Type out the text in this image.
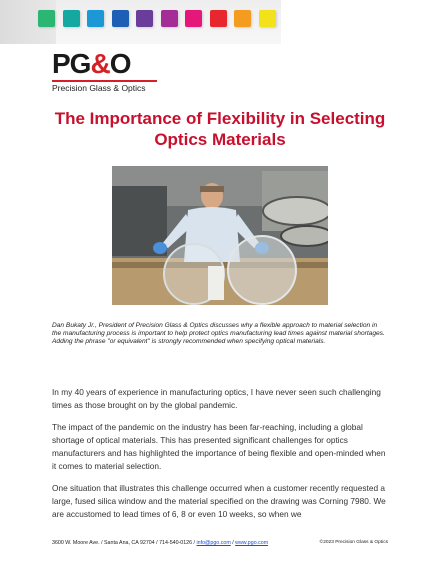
PG&O
Precision Glass & Optics
The Importance of Flexibility in Selecting Optics Materials
Dan Bukaty Jr., President of Precision Glass & Optics discusses why a flexible approach to material selection in the manufacturing process is important to help protect optics manufacturing lead times against material shortages. Adding the phrase "or equivalent" is strongly recommended when specifying optical materials.

In my 40 years of experience in manufacturing optics, I have never seen such challenging times as those brought on by the global pandemic.

The impact of the pandemic on the industry has been far-reaching, including a global shortage of optical materials. This has presented significant challenges for optics manufacturers and has highlighted the importance of being flexible and open-minded when it comes to material selection.

One situation that illustrates this challenge occurred when a customer recently requested a large, fused silica window and the material specified on the drawing was Corning 7980. We are accustomed to lead times of 6, 8 or even 10 weeks, so when we

3600 W. Moore Ave. / Santa Ana, CA 92704 / 714-540-0126 / info@pgo.com / www.pgo.com	©2023 Precision Glass & Optics
